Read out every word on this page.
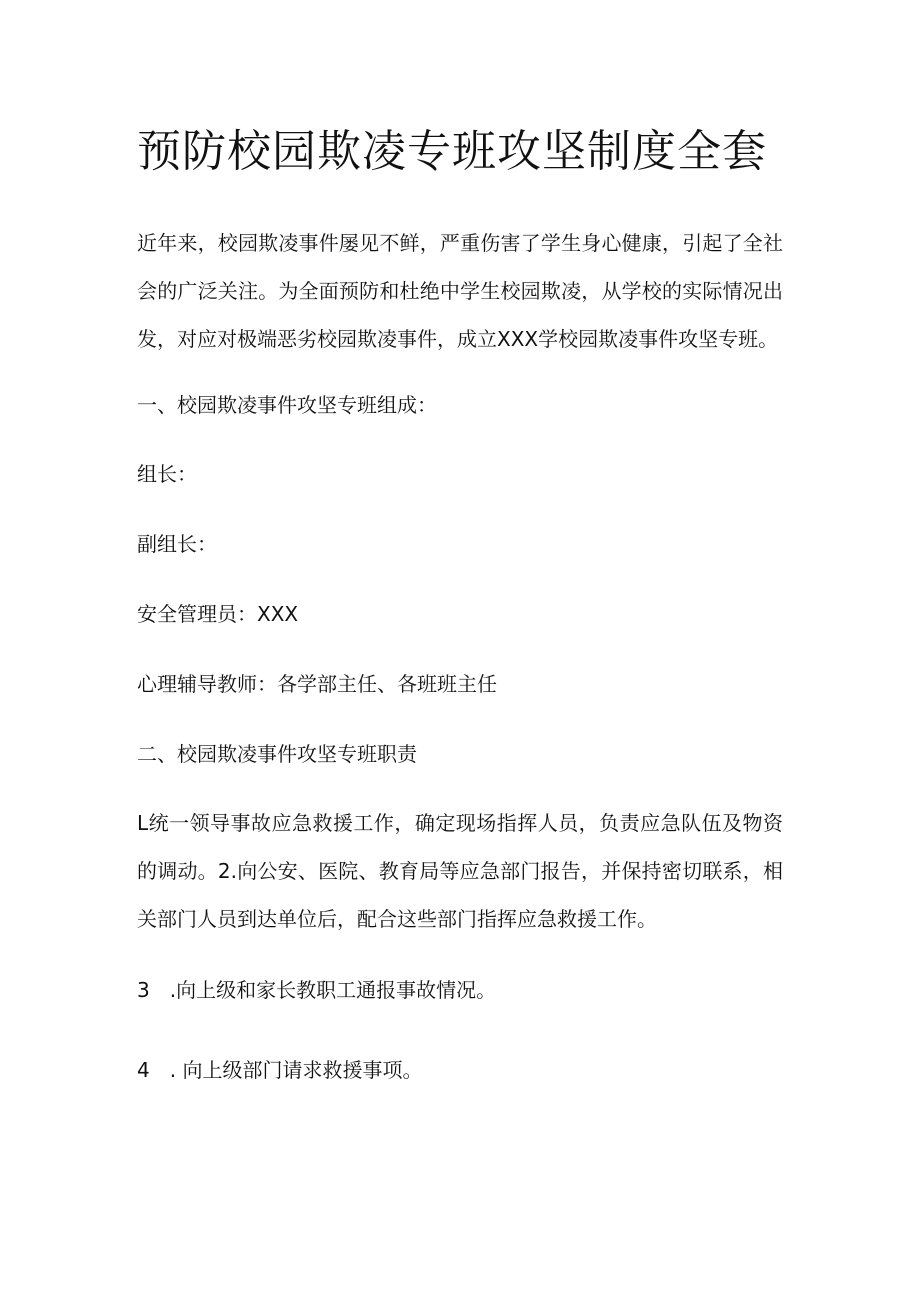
预防校园欺凌专班攻坚制度全套

近年来，校园欺凌事件屡见不鲜，严重伤害了学生身心健康，引起了全社会的广泛关注。为全面预防和杜绝中学生校园欺凌，从学校的实际情况出发，对应对极端恶劣校园欺凌事件，成立XXX学校园欺凌事件攻坚专班。

一、校园欺凌事件攻坚专班组成：

组长：

副组长：

安全管理员：XXX

心理辅导教师：各学部主任、各班班主任

二、校园欺凌事件攻坚专班职责

L统一领导事故应急救援工作，确定现场指挥人员，负责应急队伍及物资的调动。2.向公安、医院、教育局等应急部门报告，并保持密切联系，相关部门人员到达单位后，配合这些部门指挥应急救援工作。

3　.向上级和家长教职工通报事故情况。

4　. 向上级部门请求救援事项。
